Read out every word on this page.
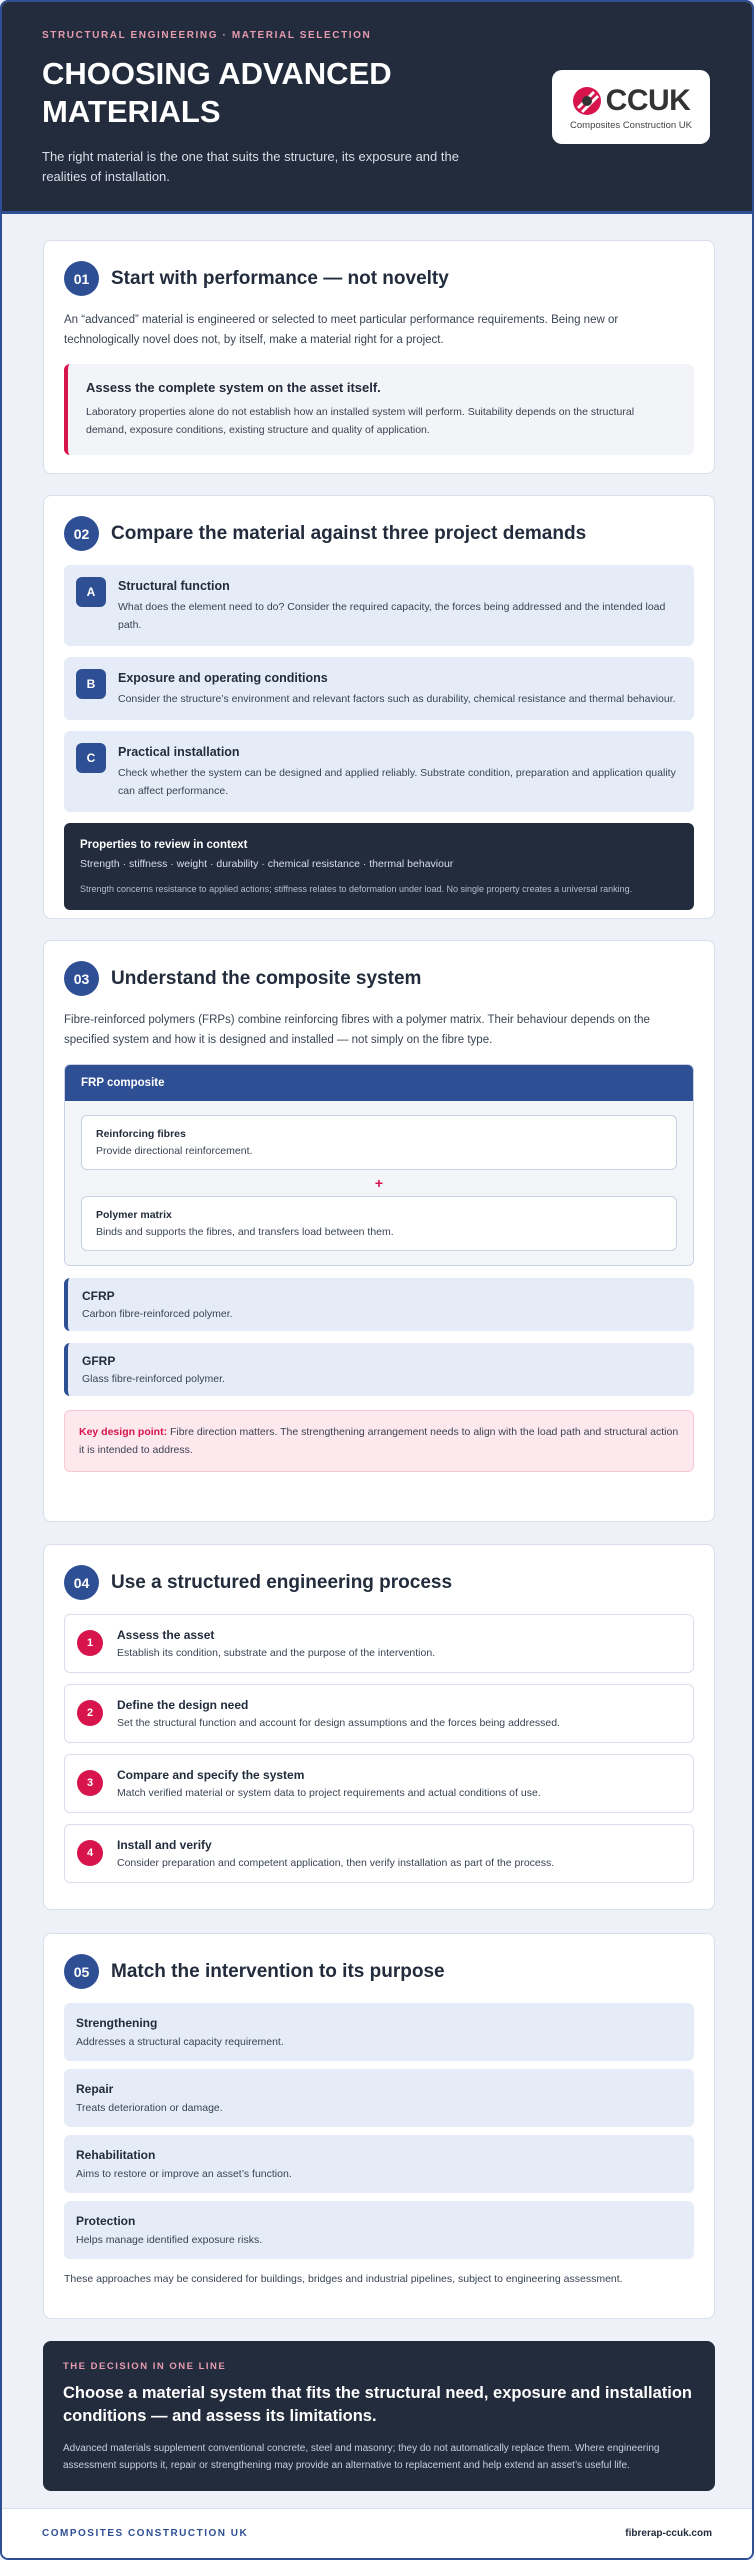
STRUCTURAL ENGINEERING · MATERIAL SELECTION
CHOOSING ADVANCED MATERIALS
The right material is the one that suits the structure, its exposure and the realities of installation.
CCUK
Composites Construction UK
01	Start with performance — not novelty
An “advanced” material is engineered or selected to meet particular performance requirements. Being new or technologically novel does not, by itself, make a material right for a project.
Assess the complete system on the asset itself.
Laboratory properties alone do not establish how an installed system will perform. Suitability depends on the structural demand, exposure conditions, existing structure and quality of application.
02	Compare the material against three project demands
A	Structural function
What does the element need to do? Consider the required capacity, the forces being addressed and the intended load path.
B	Exposure and operating conditions
Consider the structure’s environment and relevant factors such as durability, chemical resistance and thermal behaviour.
C	Practical installation
Check whether the system can be designed and applied reliably. Substrate condition, preparation and application quality can affect performance.
Properties to review in context
Strength · stiffness · weight · durability · chemical resistance · thermal behaviour
Strength concerns resistance to applied actions; stiffness relates to deformation under load. No single property creates a universal ranking.
03	Understand the composite system
Fibre-reinforced polymers (FRPs) combine reinforcing fibres with a polymer matrix. Their behaviour depends on the specified system and how it is designed and installed — not simply on the fibre type.
FRP composite
Reinforcing fibres
Provide directional reinforcement.
+
Polymer matrix
Binds and supports the fibres, and transfers load between them.
CFRP
Carbon fibre-reinforced polymer.
GFRP
Glass fibre-reinforced polymer.
Key design point: Fibre direction matters. The strengthening arrangement needs to align with the load path and structural action it is intended to address.
04	Use a structured engineering process
1
Assess the asset
Establish its condition, substrate and the purpose of the intervention.
2
Define the design need
Set the structural function and account for design assumptions and the forces being addressed.
3
Compare and specify the system
Match verified material or system data to project requirements and actual conditions of use.
4
Install and verify
Consider preparation and competent application, then verify installation as part of the process.
05	Match the intervention to its purpose
Strengthening
Addresses a structural capacity requirement.
Repair
Treats deterioration or damage.
Rehabilitation
Aims to restore or improve an asset’s function.
Protection
Helps manage identified exposure risks.
These approaches may be considered for buildings, bridges and industrial pipelines, subject to engineering assessment.
THE DECISION IN ONE LINE
Choose a material system that fits the structural need, exposure and installation conditions — and assess its limitations.
Advanced materials supplement conventional concrete, steel and masonry; they do not automatically replace them. Where engineering assessment supports it, repair or strengthening may provide an alternative to replacement and help extend an asset’s useful life.
COMPOSITES CONSTRUCTION UK	fibrerap-ccuk.com
